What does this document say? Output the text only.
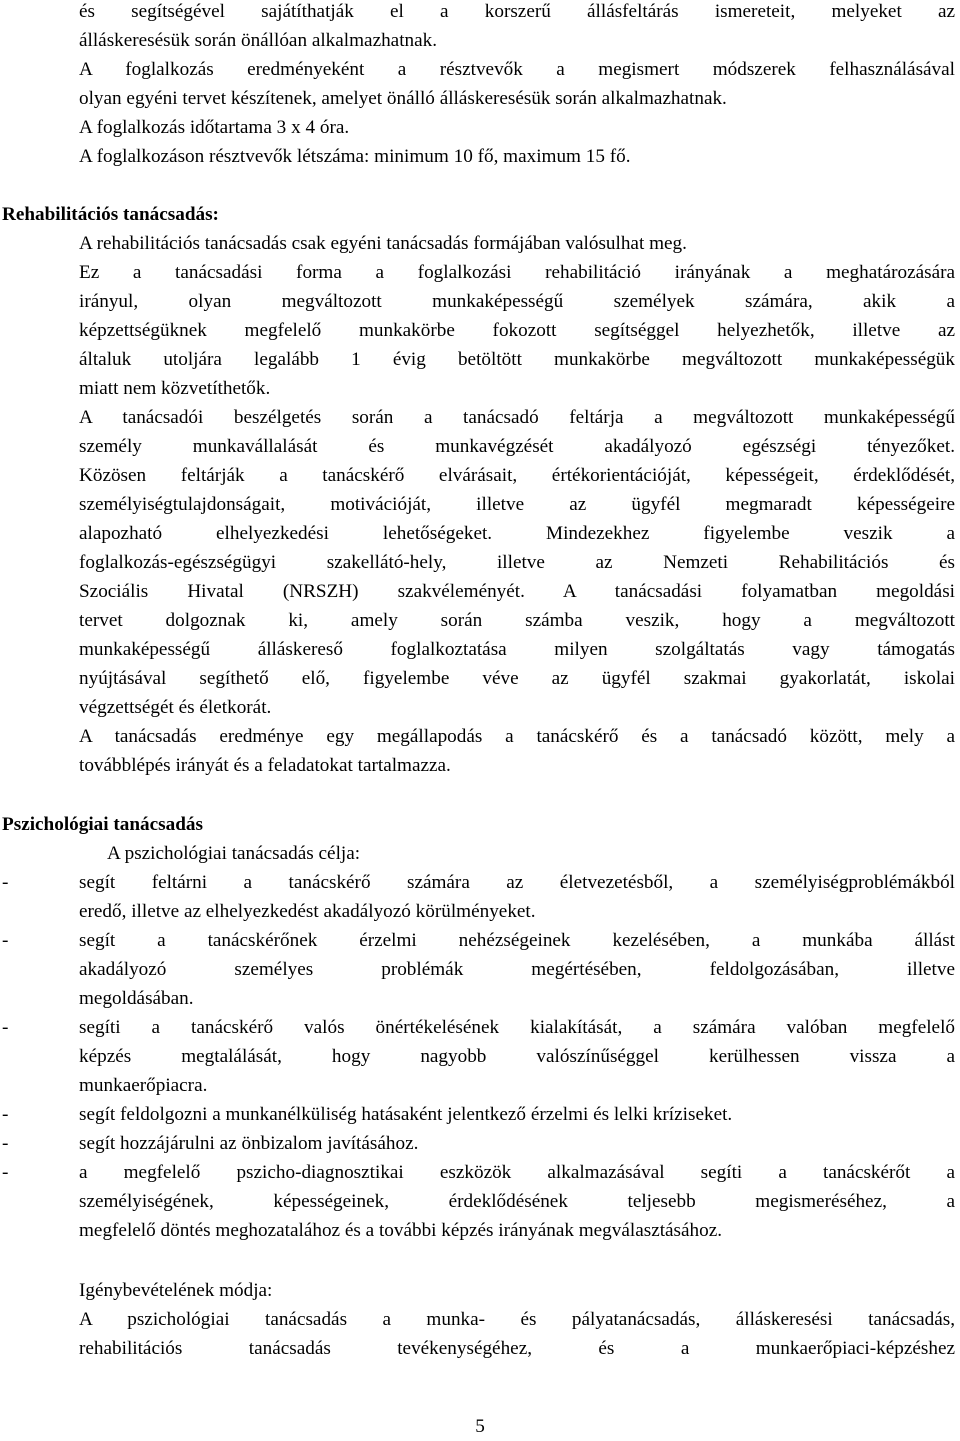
és segítségével sajátíthatják el a korszerű állásfeltárás ismereteit, melyeket az
álláskeresésük során önállóan alkalmazhatnak.
A foglalkozás eredményeként a résztvevők a megismert módszerek felhasználásával
olyan egyéni tervet készítenek, amelyet önálló álláskeresésük során alkalmazhatnak.
A foglalkozás időtartama 3 x 4 óra.
A foglalkozáson résztvevők létszáma: minimum 10 fő, maximum 15 fő.
Rehabilitációs tanácsadás:
A rehabilitációs tanácsadás csak egyéni tanácsadás formájában valósulhat meg.
Ez a tanácsadási forma a foglalkozási rehabilitáció irányának a meghatározására
irányul, olyan megváltozott munkaképességű személyek számára, akik a
képzettségüknek megfelelő munkakörbe fokozott segítséggel helyezhetők, illetve az
általuk utoljára legalább 1 évig betöltött munkakörbe megváltozott munkaképességük
miatt nem közvetíthetők.
A tanácsadói beszélgetés során a tanácsadó feltárja a megváltozott munkaképességű
személy munkavállalását és munkavégzését akadályozó egészségi tényezőket.
Közösen feltárják a tanácskérő elvárásait, értékorientációját, képességeit, érdeklődését,
személyiségtulajdonságait, motivációját, illetve az ügyfél megmaradt képességeire
alapozható elhelyezkedési lehetőségeket. Mindezekhez figyelembe veszik a
foglalkozás-egészségügyi szakellátó-hely, illetve az Nemzeti Rehabilitációs és
Szociális Hivatal (NRSZH) szakvéleményét. A tanácsadási folyamatban megoldási
tervet dolgoznak ki, amely során számba veszik, hogy a megváltozott
munkaképességű álláskereső foglalkoztatása milyen szolgáltatás vagy támogatás
nyújtásával segíthető elő, figyelembe véve az ügyfél szakmai gyakorlatát, iskolai
végzettségét és életkorát.
A tanácsadás eredménye egy megállapodás a tanácskérő és a tanácsadó között, mely a
továbblépés irányát és a feladatokat tartalmazza.
Pszichológiai tanácsadás
A pszichológiai tanácsadás célja:
-	segít feltárni a tanácskérő számára az életvezetésből, a személyiségproblémákból
eredő, illetve az elhelyezkedést akadályozó körülményeket.
-	segít a tanácskérőnek érzelmi nehézségeinek kezelésében, a munkába állást
akadályozó személyes problémák megértésében, feldolgozásában, illetve
megoldásában.
-	segíti a tanácskérő valós önértékelésének kialakítását, a számára valóban megfelelő
képzés megtalálását, hogy nagyobb valószínűséggel kerülhessen vissza a
munkaerőpiacra.
-	segít feldolgozni a munkanélküliség hatásaként jelentkező érzelmi és lelki kríziseket.
-	segít hozzájárulni az önbizalom javításához.
-	a megfelelő pszicho-diagnosztikai eszközök alkalmazásával segíti a tanácskérőt a
személyiségének, képességeinek, érdeklődésének teljesebb megismeréséhez, a
megfelelő döntés meghozatalához és a további képzés irányának megválasztásához.
Igénybevételének módja:
A pszichológiai tanácsadás a munka- és pályatanácsadás, álláskeresési tanácsadás,
rehabilitációs tanácsadás tevékenységéhez, és a munkaerőpiaci-képzéshez
5
